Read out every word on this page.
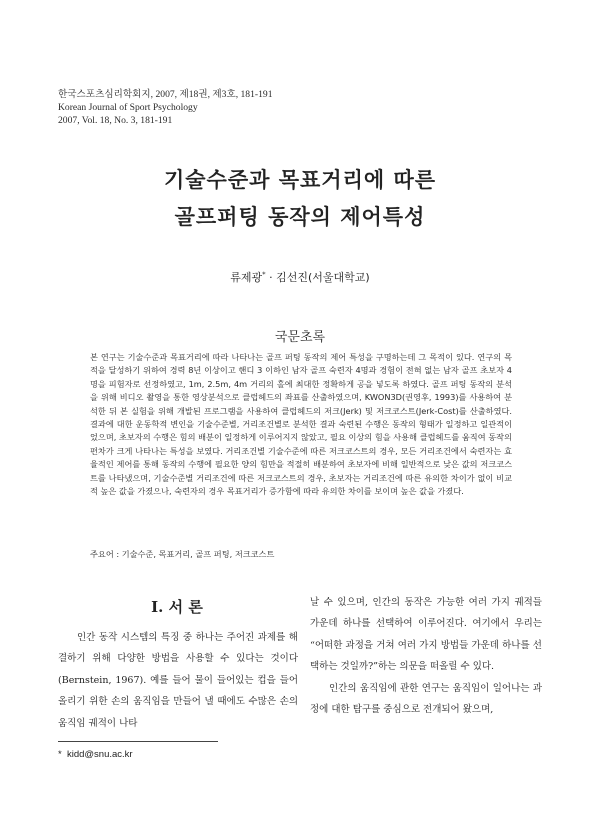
한국스포츠심리학회지, 2007, 제18권, 제3호, 181-191
Korean Journal of Sport Psychology
2007, Vol. 18, No. 3, 181-191
기술수준과 목표거리에 따른
골프퍼팅 동작의 제어특성
류제광* · 김선진(서울대학교)
국문초록
본 연구는 기술수준과 목표거리에 따라 나타나는 골프 퍼팅 동작의 제어 특성을 구명하는데 그 목적이 있다. 연구의 목적을 달성하기 위하여 경력 8년 이상이고 핸디 3 이하인 남자 골프 숙련자 4명과 경험이 전혀 없는 남자 골프 초보자 4명을 피험자로 선정하였고, 1m, 2.5m, 4m 거리의 홀에 최대한 정확하게 공을 넣도록 하였다. 골프 퍼팅 동작의 분석을 위해 비디오 촬영을 통한 영상분석으로 클럽헤드의 좌표를 산출하였으며, KWON3D(권영후, 1993)를 사용하여 분석한 뒤 본 실험을 위해 개발된 프로그램을 사용하여 클럽헤드의 저크(Jerk) 및 저크코스트(Jerk-Cost)를 산출하였다. 결과에 대한 운동학적 변인을 기술수준별, 거리조건별로 분석한 결과 숙련된 수행은 동작의 형태가 일정하고 일관적이었으며, 초보자의 수행은 힘의 배분이 일정하게 이루어지지 않았고, 필요 이상의 힘을 사용해 클럽헤드를 움직여 동작의 편차가 크게 나타나는 특성을 보였다. 거리조건별 기술수준에 따른 저크코스트의 경우, 모든 거리조건에서 숙련자는 효율적인 제어를 통해 동작의 수행에 필요한 양의 힘만을 적절히 배분하여 초보자에 비해 일반적으로 낮은 값의 저크코스트를 나타냈으며, 기술수준별 거리조건에 따른 저크코스트의 경우, 초보자는 거리조건에 따른 유의한 차이가 없이 비교적 높은 값을 가졌으나, 숙련자의 경우 목표거리가 증가함에 따라 유의한 차이를 보이며 높은 값을 가졌다.
주요어 : 기술수준, 목표거리, 골프 퍼팅, 저크코스트
Ⅰ. 서 론
인간 동작 시스템의 특징 중 하나는 주어진 과제를 해결하기 위해 다양한 방법을 사용할 수 있다는 것이다(Bernstein, 1967). 예를 들어 물이 들어있는 컵을 들어올리기 위한 손의 움직임을 만들어 낼 때에도 수많은 손의 움직임 궤적이 나타

날 수 있으며, 인간의 동작은 가능한 여러 가지 궤적들 가운데 하나를 선택하여 이루어진다. 여기에서 우리는 “어떠한 과정을 거쳐 여러 가지 방법들 가운데 하나를 선택하는 것일까?”하는 의문을 떠올릴 수 있다.

인간의 움직임에 관한 연구는 움직임이 일어나는 과정에 대한 탐구를 중심으로 전개되어 왔으며,

* kidd@snu.ac.kr
